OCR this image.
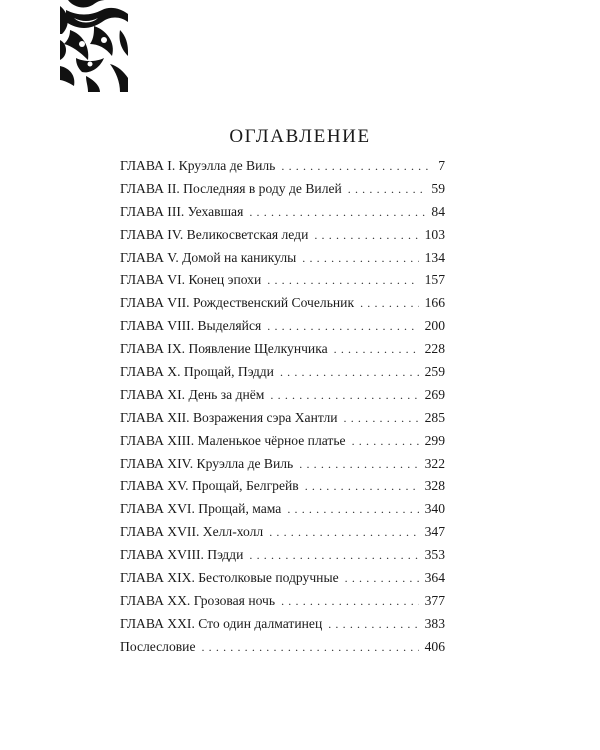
ОГЛАВЛЕНИЕ
ГЛАВА I. Круэлла де Виль . . .	7
ГЛАВА II. Последняя в роду де Вилей . . .	59
ГЛАВА III. Уехавшая . . .	84
ГЛАВА IV. Великосветская леди . . .	103
ГЛАВА V. Домой на каникулы . . .	134
ГЛАВА VI. Конец эпохи . . .	157
ГЛАВА VII. Рождественский Сочельник . . .	166
ГЛАВА VIII. Выделяйся . . .	200
ГЛАВА IX. Появление Щелкунчика . . .	228
ГЛАВА X. Прощай, Пэдди . . .	259
ГЛАВА XI. День за днём . . .	269
ГЛАВА XII. Возражения сэра Хантли . . .	285
ГЛАВА XIII. Маленькое чёрное платье . . .	299
ГЛАВА XIV. Круэлла де Виль . . .	322
ГЛАВА XV. Прощай, Белгрейв . . .	328
ГЛАВА XVI. Прощай, мама . . .	340
ГЛАВА XVII. Хелл-холл . . .	347
ГЛАВА XVIII. Пэдди . . .	353
ГЛАВА XIX. Бестолковые подручные . . .	364
ГЛАВА XX. Грозовая ночь . . .	377
ГЛАВА XXI. Сто один далматинец . . .	383
Послесловие . . .	406
